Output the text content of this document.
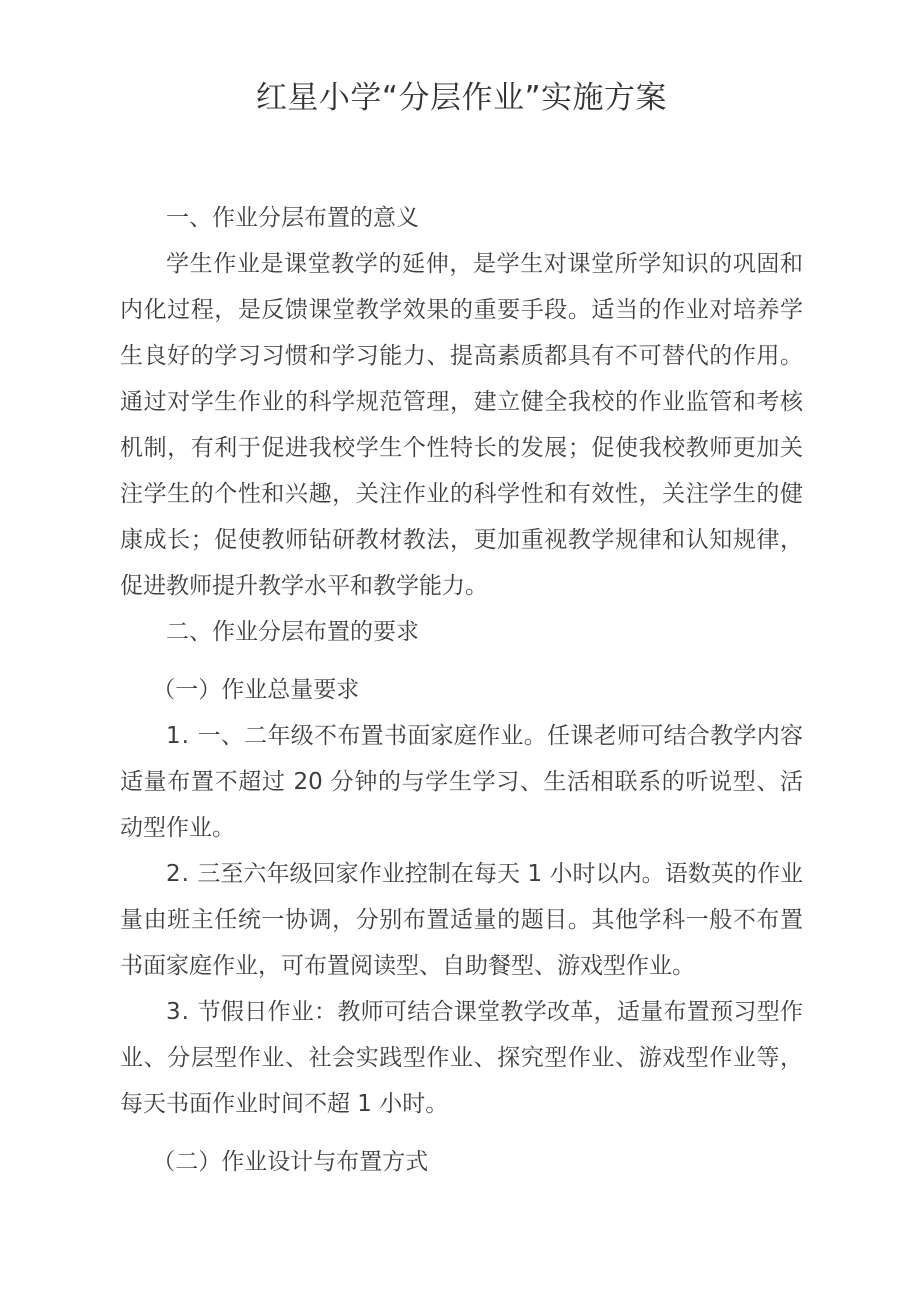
红星小学“分层作业”实施方案

一、作业分层布置的意义

学生作业是课堂教学的延伸，是学生对课堂所学知识的巩固和内化过程，是反馈课堂教学效果的重要手段。适当的作业对培养学生良好的学习习惯和学习能力、提高素质都具有不可替代的作用。通过对学生作业的科学规范管理，建立健全我校的作业监管和考核机制，有利于促进我校学生个性特长的发展；促使我校教师更加关注学生的个性和兴趣，关注作业的科学性和有效性，关注学生的健康成长；促使教师钻研教材教法，更加重视教学规律和认知规律，促进教师提升教学水平和教学能力。

二、作业分层布置的要求

（一）作业总量要求

1. 一、二年级不布置书面家庭作业。任课老师可结合教学内容适量布置不超过 20 分钟的与学生学习、生活相联系的听说型、活动型作业。

2. 三至六年级回家作业控制在每天 1 小时以内。语数英的作业量由班主任统一协调，分别布置适量的题目。其他学科一般不布置书面家庭作业，可布置阅读型、自助餐型、游戏型作业。

3. 节假日作业：教师可结合课堂教学改革，适量布置预习型作业、分层型作业、社会实践型作业、探究型作业、游戏型作业等，每天书面作业时间不超 1 小时。

（二）作业设计与布置方式
